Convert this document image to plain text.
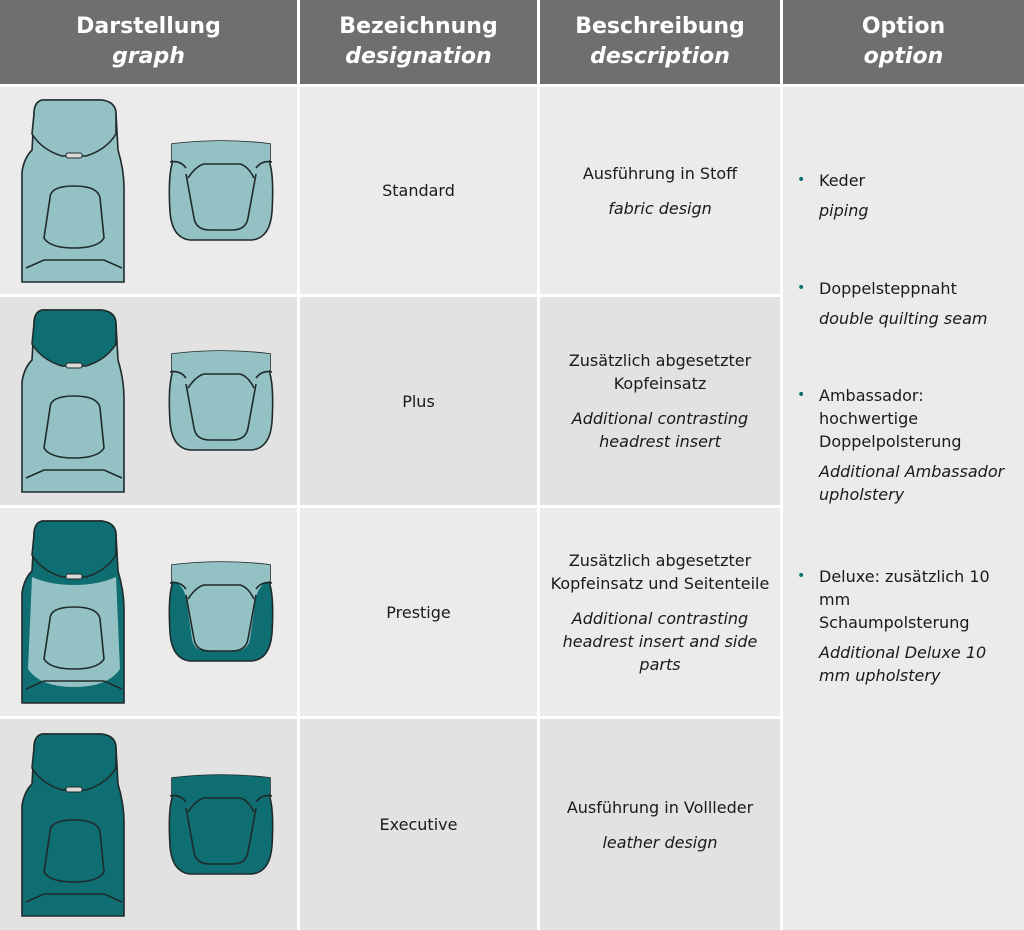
Darstellung
graph
Bezeichnung
designation
Beschreibung
description
Option
option
Standard
Ausführung in Stoff
fabric design
Plus
Zusätzlich abgesetzter Kopfeinsatz
Additional contrasting headrest insert
Prestige
Zusätzlich abgesetzter Kopfeinsatz und Seitenteile
Additional contrasting headrest insert and side parts
Executive
Ausführung in Vollleder
leather design
• Keder
piping
• Doppelsteppnaht
double quilting seam
• Ambassador: hochwertige Doppelpolsterung
Additional Ambassador upholstery
• Deluxe: zusätzlich 10 mm Schaumpolsterung
Additional Deluxe 10 mm upholstery
